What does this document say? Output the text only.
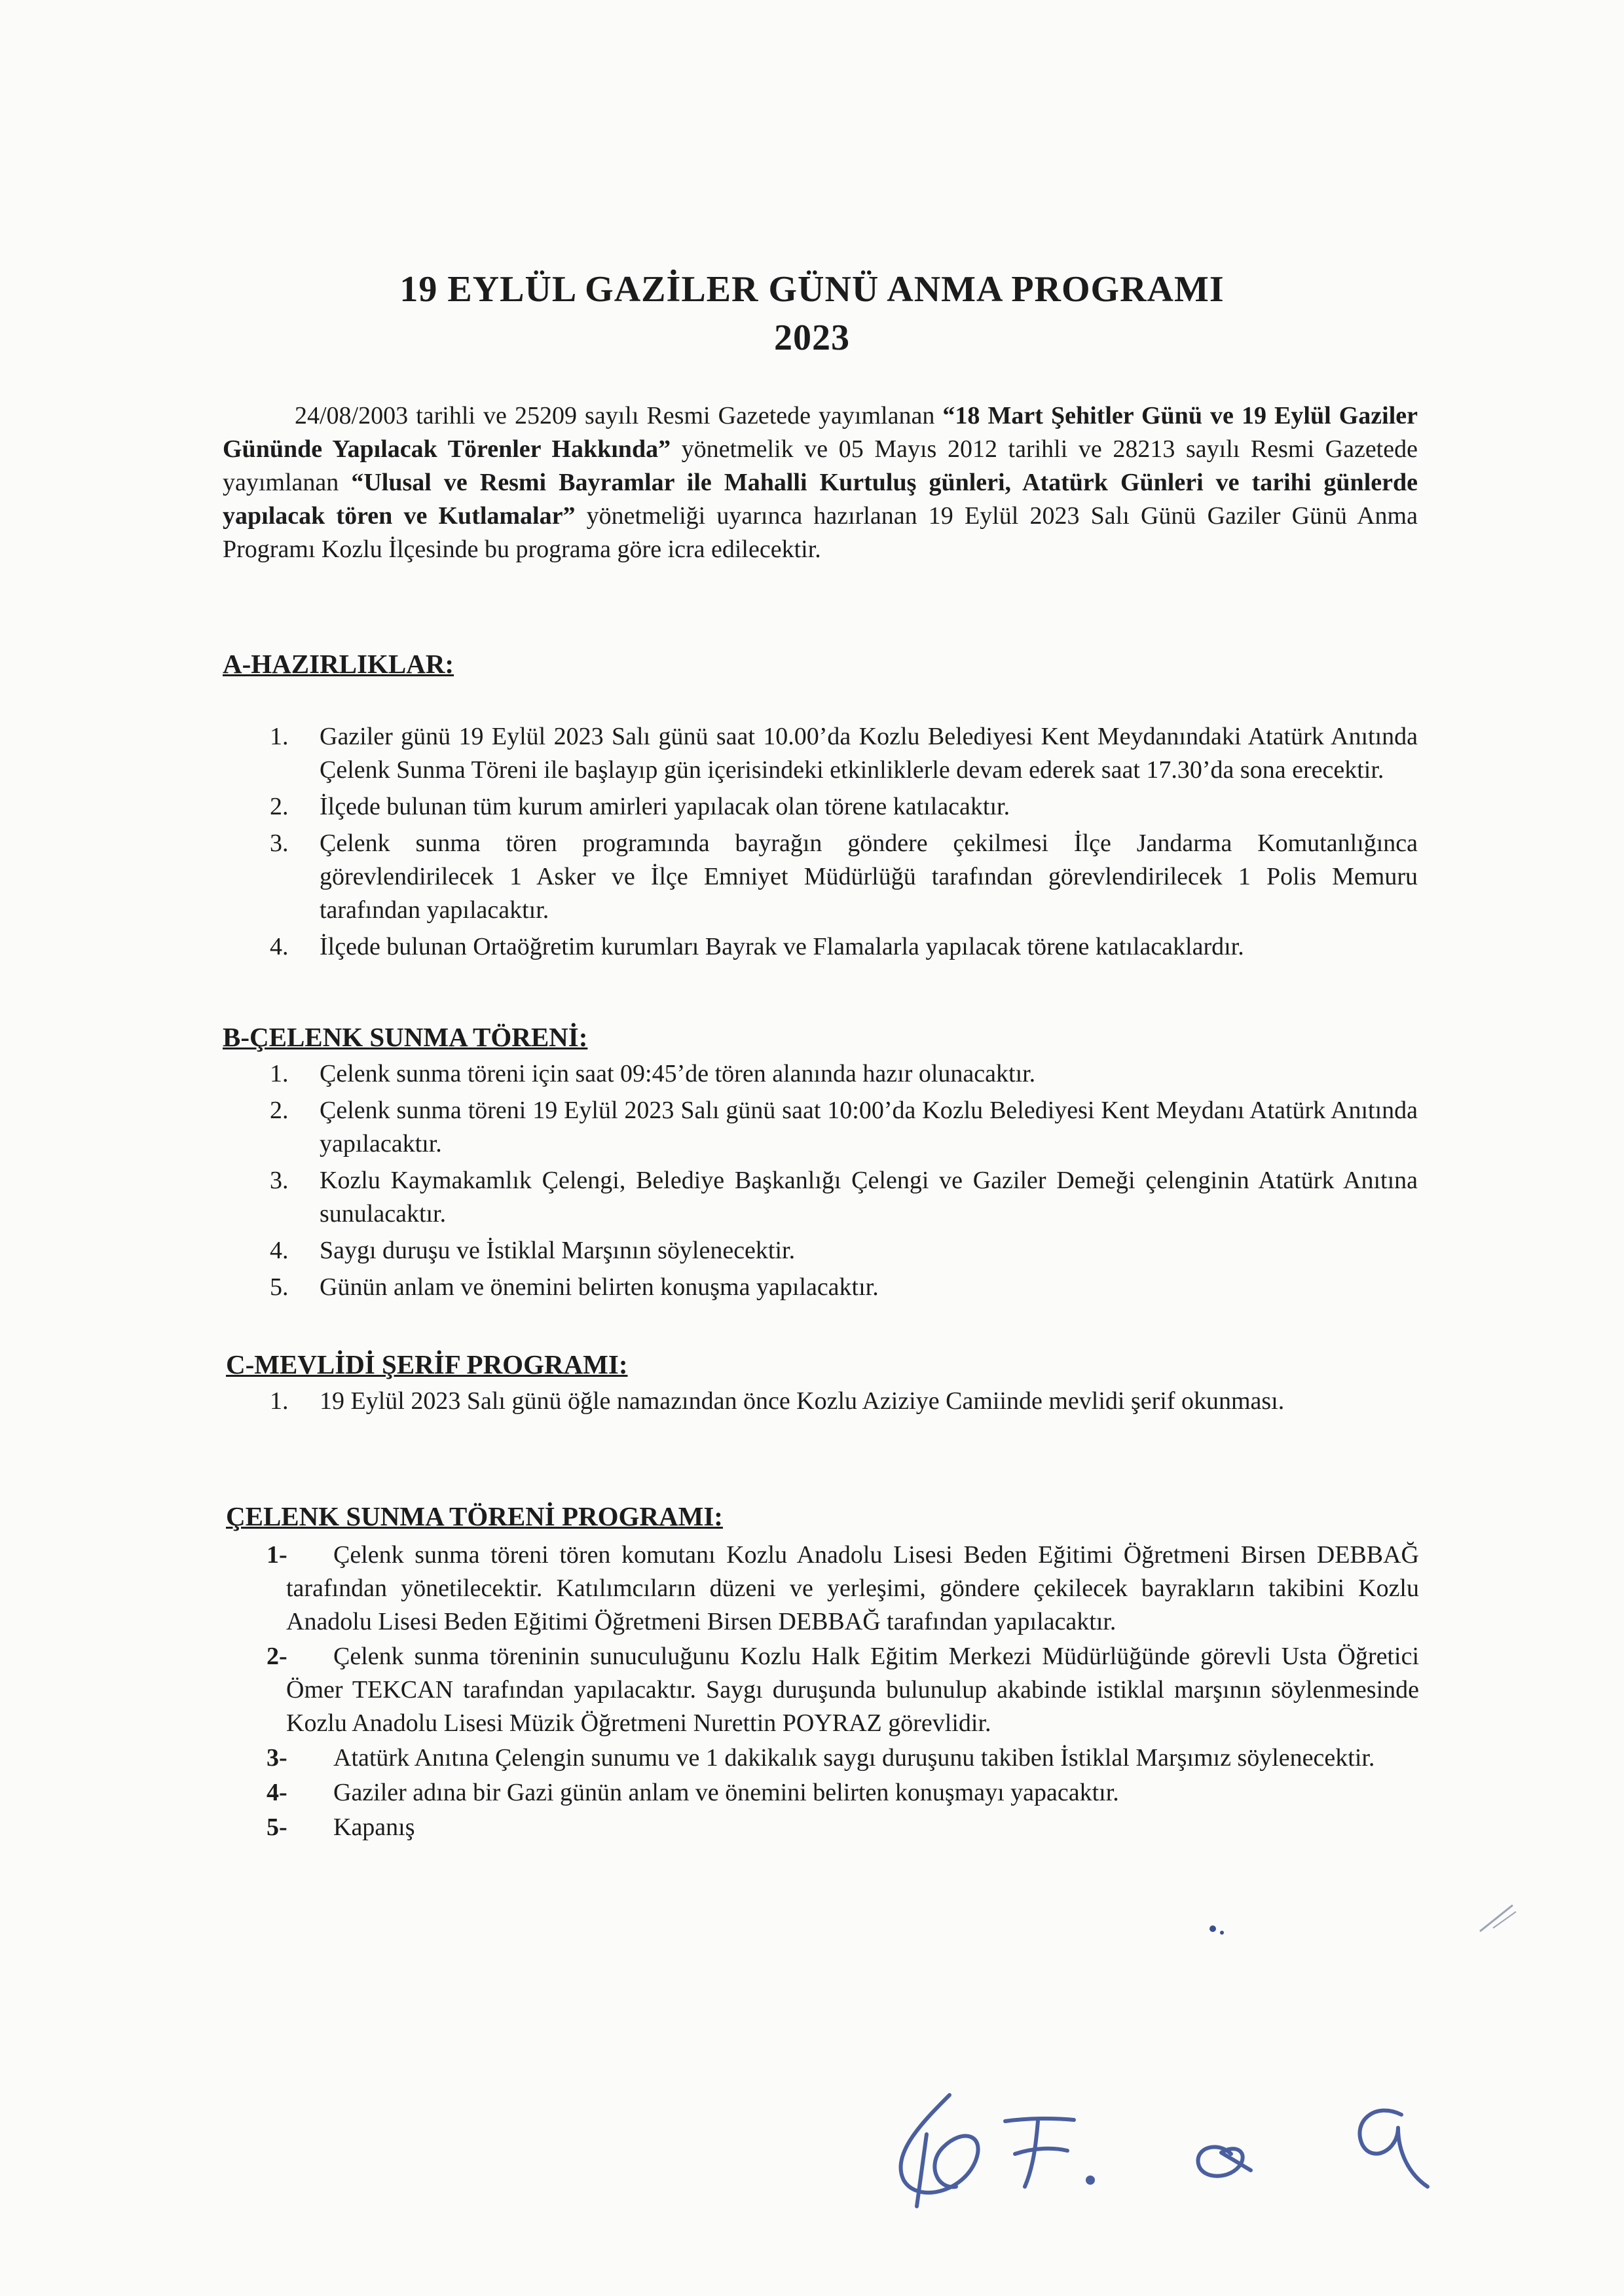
19 EYLÜL GAZİLER GÜNÜ ANMA PROGRAMI
2023
24/08/2003 tarihli ve 25209 sayılı Resmi Gazetede yayımlanan “18 Mart Şehitler Günü ve 19 Eylül Gaziler Gününde Yapılacak Törenler Hakkında” yönetmelik ve 05 Mayıs 2012 tarihli ve 28213 sayılı Resmi Gazetede yayımlanan “Ulusal ve Resmi Bayramlar ile Mahalli Kurtuluş günleri, Atatürk Günleri ve tarihi günlerde yapılacak tören ve Kutlamalar” yönetmeliği uyarınca hazırlanan 19 Eylül 2023 Salı Günü Gaziler Günü Anma Programı Kozlu İlçesinde bu programa göre icra edilecektir.
A-HAZIRLIKLAR:
1. Gaziler günü 19 Eylül 2023 Salı günü saat 10.00’da Kozlu Belediyesi Kent Meydanındaki Atatürk Anıtında Çelenk Sunma Töreni ile başlayıp gün içerisindeki etkinliklerle devam ederek saat 17.30’da sona erecektir.
2. İlçede bulunan tüm kurum amirleri yapılacak olan törene katılacaktır.
3. Çelenk sunma tören programında bayrağın göndere çekilmesi İlçe Jandarma Komutanlığınca görevlendirilecek 1 Asker ve İlçe Emniyet Müdürlüğü tarafından görevlendirilecek 1 Polis Memuru tarafından yapılacaktır.
4. İlçede bulunan Ortaöğretim kurumları Bayrak ve Flamalarla yapılacak törene katılacaklardır.
B-ÇELENK SUNMA TÖRENİ:
1. Çelenk sunma töreni için saat 09:45’de tören alanında hazır olunacaktır.
2. Çelenk sunma töreni 19 Eylül 2023 Salı günü saat 10:00’da Kozlu Belediyesi Kent Meydanı Atatürk Anıtında yapılacaktır.
3. Kozlu Kaymakamlık Çelengi, Belediye Başkanlığı Çelengi ve Gaziler Demeği çelenginin Atatürk Anıtına sunulacaktır.
4. Saygı duruşu ve İstiklal Marşının söylenecektir.
5. Günün anlam ve önemini belirten konuşma yapılacaktır.
C-MEVLİDİ ŞERİF PROGRAMI:
1. 19 Eylül 2023 Salı günü öğle namazından önce Kozlu Aziziye Camiinde mevlidi şerif okunması.
ÇELENK SUNMA TÖRENİ PROGRAMI:
1- Çelenk sunma töreni tören komutanı Kozlu Anadolu Lisesi Beden Eğitimi Öğretmeni Birsen DEBBAĞ tarafından yönetilecektir. Katılımcıların düzeni ve yerleşimi, göndere çekilecek bayrakların takibini Kozlu Anadolu Lisesi Beden Eğitimi Öğretmeni Birsen DEBBAĞ tarafından yapılacaktır.
2- Çelenk sunma töreninin sunuculuğunu Kozlu Halk Eğitim Merkezi Müdürlüğünde görevli Usta Öğretici Ömer TEKCAN tarafından yapılacaktır. Saygı duruşunda bulunulup akabinde istiklal marşının söylenmesinde Kozlu Anadolu Lisesi Müzik Öğretmeni Nurettin POYRAZ görevlidir.
3- Atatürk Anıtına Çelengin sunumu ve 1 dakikalık saygı duruşunu takiben İstiklal Marşımız söylenecektir.
4- Gaziler adına bir Gazi günün anlam ve önemini belirten konuşmayı yapacaktır.
5- Kapanış
